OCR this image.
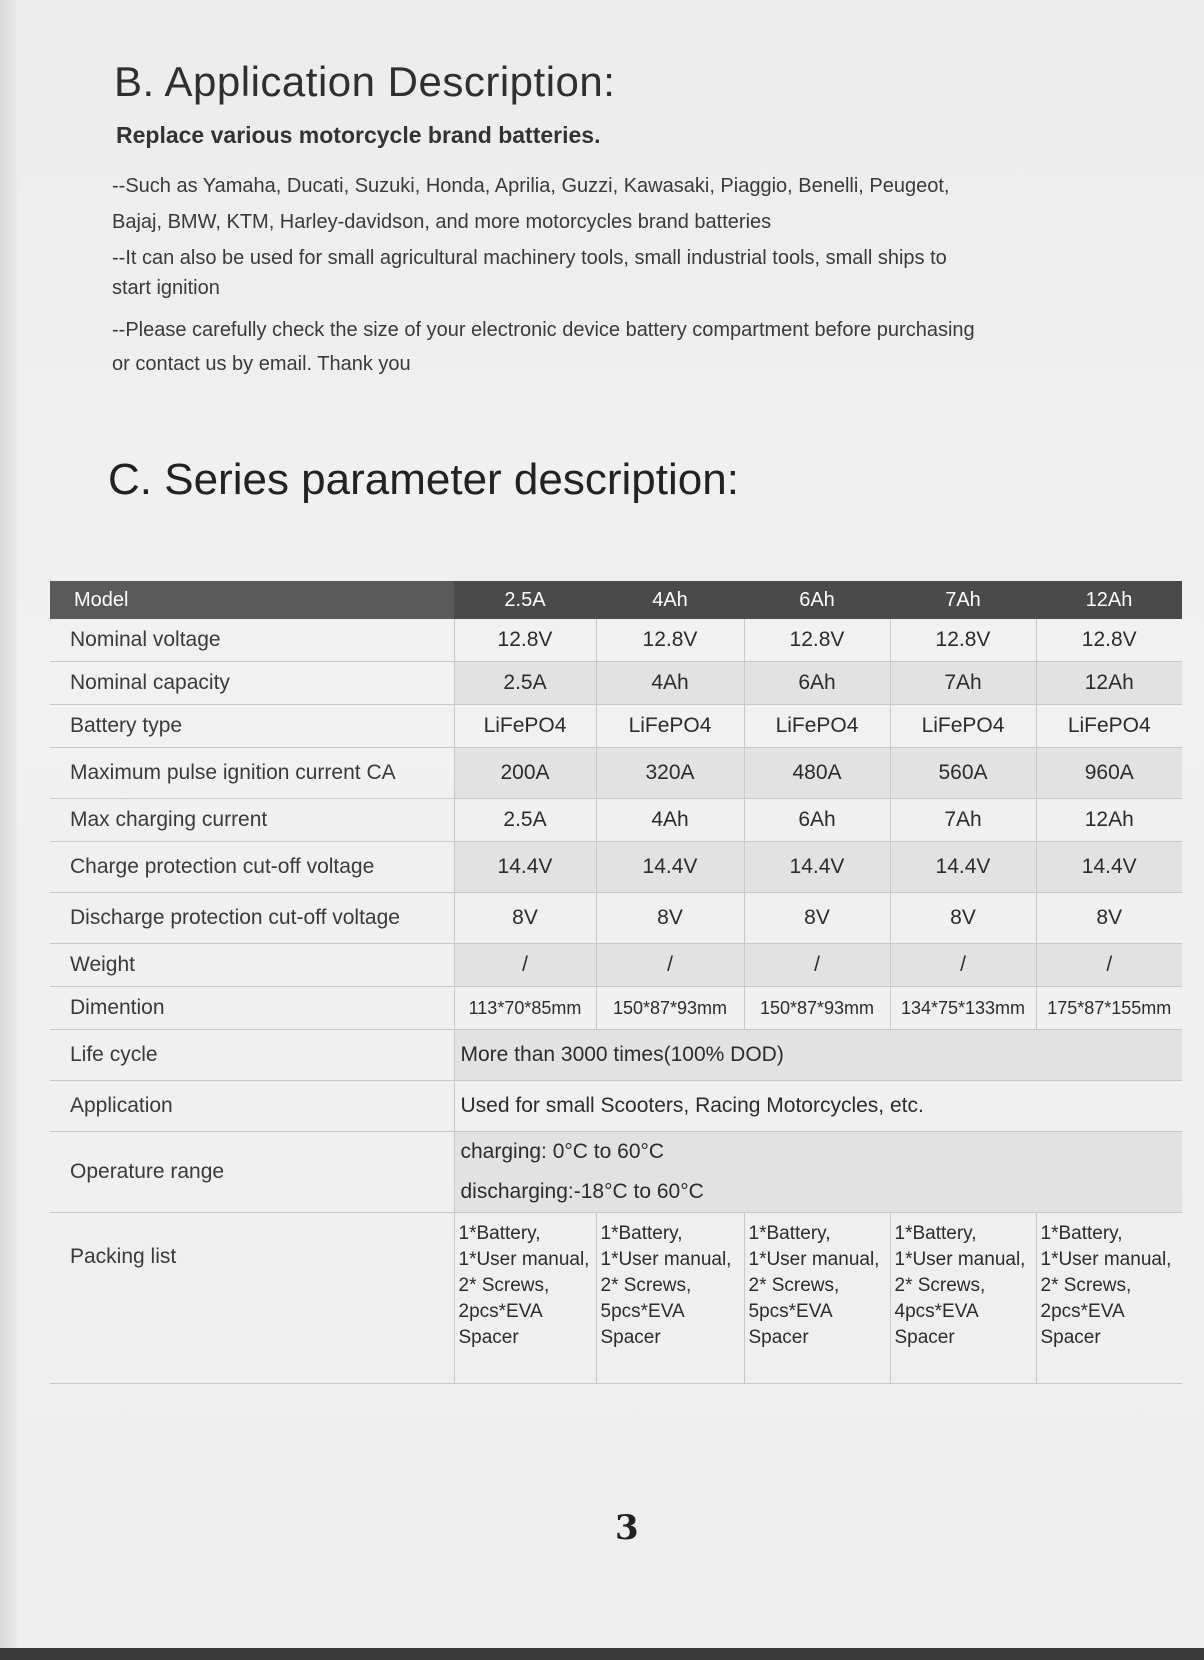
B. Application Description:
Replace various motorcycle brand batteries.
--Such as Yamaha, Ducati, Suzuki, Honda, Aprilia, Guzzi, Kawasaki, Piaggio, Benelli, Peugeot,
Bajaj, BMW, KTM, Harley-davidson, and more motorcycles brand batteries
--It can also be used for small agricultural machinery tools, small industrial tools, small ships to
start ignition
--Please carefully check the size of your electronic device battery compartment before purchasing
or contact us by email. Thank you
C. Series parameter description:
Model	2.5A	4Ah	6Ah	7Ah	12Ah
Nominal voltage	12.8V	12.8V	12.8V	12.8V	12.8V
Nominal capacity	2.5A	4Ah	6Ah	7Ah	12Ah
Battery type	LiFePO4	LiFePO4	LiFePO4	LiFePO4	LiFePO4
Maximum pulse ignition current CA	200A	320A	480A	560A	960A
Max charging current	2.5A	4Ah	6Ah	7Ah	12Ah
Charge protection cut-off voltage	14.4V	14.4V	14.4V	14.4V	14.4V
Discharge protection cut-off voltage	8V	8V	8V	8V	8V
Weight	/	/	/	/	/
Dimention	113*70*85mm	150*87*93mm	150*87*93mm	134*75*133mm	175*87*155mm
Life cycle	More than 3000 times(100% DOD)				
Application	Used for small Scooters, Racing Motorcycles, etc.				
Operature range	charging: 0°C to 60°C
discharging:-18°C to 60°C				

Packing list	1*Battery,
1*User manual,
2* Screws,
2pcs*EVA
Spacer	1*Battery,
1*User manual,
2* Screws,
5pcs*EVA
Spacer	1*Battery,
1*User manual,
2* Screws,
5pcs*EVA
Spacer	1*Battery,
1*User manual,
2* Screws,
4pcs*EVA
Spacer	1*Battery,
1*User manual,
2* Screws,
2pcs*EVA
Spacer
3
